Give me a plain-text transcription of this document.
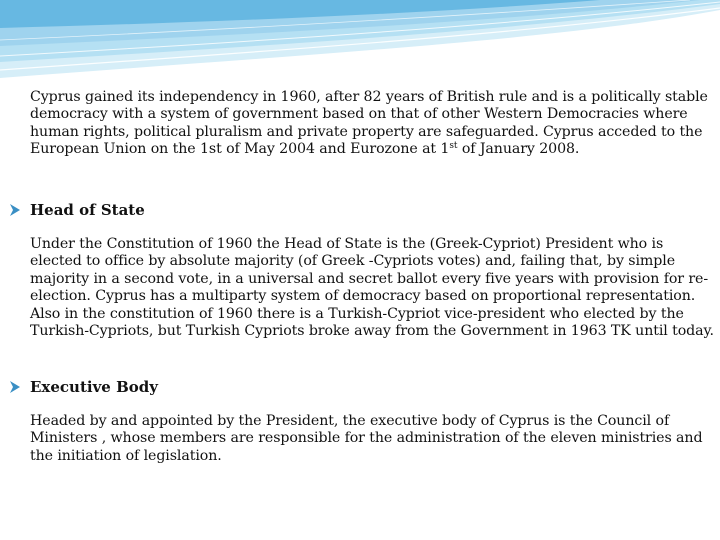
Cyprus gained its independency in 1960, after 82 years of British rule and is a politically stable democracy with a system of government based on that of other Western Democracies where human rights, political pluralism and private property are safeguarded. Cyprus acceded to the European Union on the 1st of May 2004 and Eurozone at 1st of January 2008.

Head of State

Under the Constitution of 1960 the Head of State is the (Greek-Cypriot) President who is elected to office by absolute majority (of Greek -Cypriots votes) and, failing that, by simple majority in a second vote, in a universal and secret ballot every five years with provision for re-election. Cyprus has a multiparty system of democracy based on proportional representation. Also in the constitution of 1960 there is a Turkish-Cypriot vice-president who elected by the Turkish-Cypriots, but Turkish Cypriots broke away from the Government in 1963 TK until today.

Executive Body

Headed by and appointed by the President, the executive body of Cyprus is the Council of Ministers , whose members are responsible for the administration of the eleven ministries and the initiation of legislation.
